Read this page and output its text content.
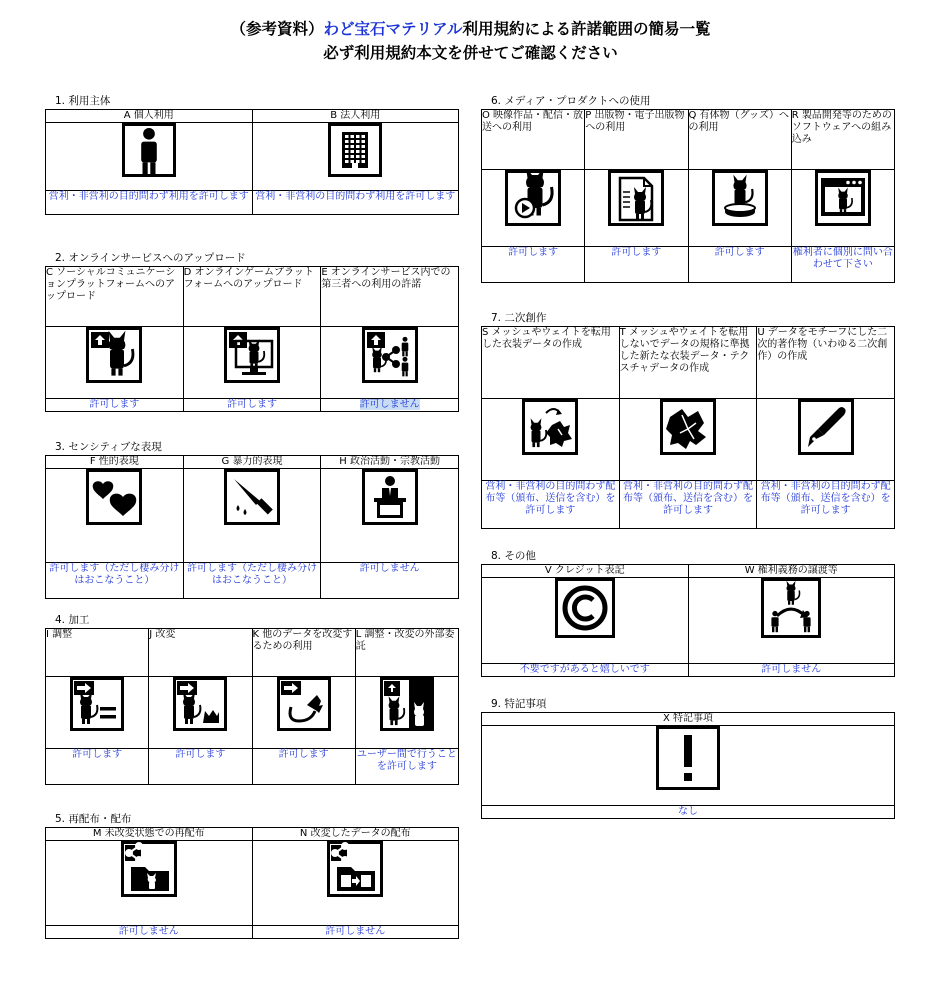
（参考資料）わど宝石マテリアル利用規約による許諾範囲の簡易一覧
必ず利用規約本文を併せてご確認ください
1. 利用主体
A 個人利用	B 法人利用

営利・非営利の目的問わず利用を許可します	営利・非営利の目的問わず利用を許可します
2. オンラインサービスへのアップロード
C ソーシャルコミュニケーションプラットフォームへのアップロード	D オンラインゲームプラットフォームへのアップロード	E オンラインサービス内での第三者への利用の許諾

許可します	許可します	許可しません
3. センシティブな表現
F 性的表現	G 暴力的表現	H 政治活動・宗教活動

許可します（ただし棲み分けはおこなうこと）	許可します（ただし棲み分けはおこなうこと）	許可しません
4. 加工
I 調整	J 改変	K 他のデータを改変するための利用	L 調整・改変の外部委託

許可します	許可します	許可します	ユーザー間で行うことを許可します
5. 再配布・配布
M 未改変状態での再配布	N 改変したデータの配布

許可しません	許可しません
6. メディア・プロダクトへの使用
O 映像作品・配信・放送への利用	P 出版物・電子出版物への利用	Q 有体物（グッズ）への利用	R 製品開発等のためのソフトウェアへの組み込み

許可します	許可します	許可します	権利者に個別に問い合わせて下さい
7. 二次創作
S メッシュやウェイトを転用した衣装データの作成	T メッシュやウェイトを転用しないでデータの規格に準拠した新たな衣装データ・テクスチャデータの作成	U データをモチーフにした二次的著作物（いわゆる二次創作）の作成

営利・非営利の目的問わず配布等（頒布、送信を含む）を許可します	営利・非営利の目的問わず配布等（頒布、送信を含む）を許可します	営利・非営利の目的問わず配布等（頒布、送信を含む）を許可します
8. その他
V クレジット表記	W 権利義務の譲渡等

不要ですがあると嬉しいです	許可しません
9. 特記事項
X 特記事項

なし
